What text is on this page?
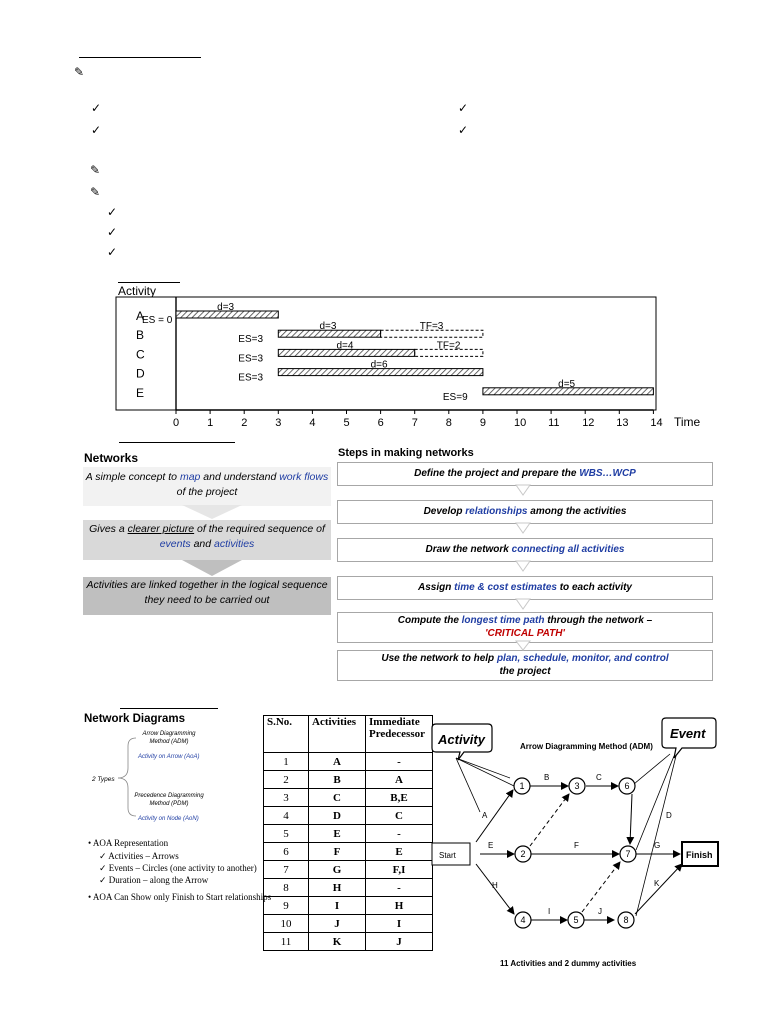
✎
✓
✓
✓
✓
✎
✎
✓
✓
✓
Activity
A
d=3
ES = 0
B
d=3
ES=3
TF=3
C
d=4
ES=3
TF=2
D
d=6
ES=3
E
d=5
ES=9
0	1	2	3	4	5	6	7	8	9	10 11 12 13 14 Time
Networks
A simple concept to map and understand work flows
of the project
Gives a clearer picture of the required sequence of
events and activities
Activities are linked together in the logical sequence
they need to be carried out
Steps in making networks
Define the project and prepare the WBS…WCP
Develop relationships among the activities
Draw the network connecting all activities
Assign time & cost estimates to each activity
Compute the longest time path through the network –
'CRITICAL PATH'
Use the network to help plan, schedule, monitor, and control
the project
Network Diagrams
2 Types
Arrow Diagramming Method (ADM)
Activity on Arrow (AoA)
Precedence Diagramming Method (PDM)
Activity on Node (AoN)
• AOA Representation
✓ Activities – Arrows
✓ Events – Circles (one activity to another)
✓ Duration – along the Arrow
• AOA Can Show only Finish to Start relationships
S.No.	Activities	Immediate Predecessor
1	A	-
2	B	A
3	C	B,E
4	D	C
5	E	-
6	F	E
7	G	F,I
8	H	-
9	I	H
10	J	I
11	K	J
Activity	Event
Arrow Diagramming Method (ADM)
A
B	C
D
E	F	G
H
I	J
K
Start	Finish
1	3	6
2	7
4	5	8
11 Activities and 2 dummy activities
